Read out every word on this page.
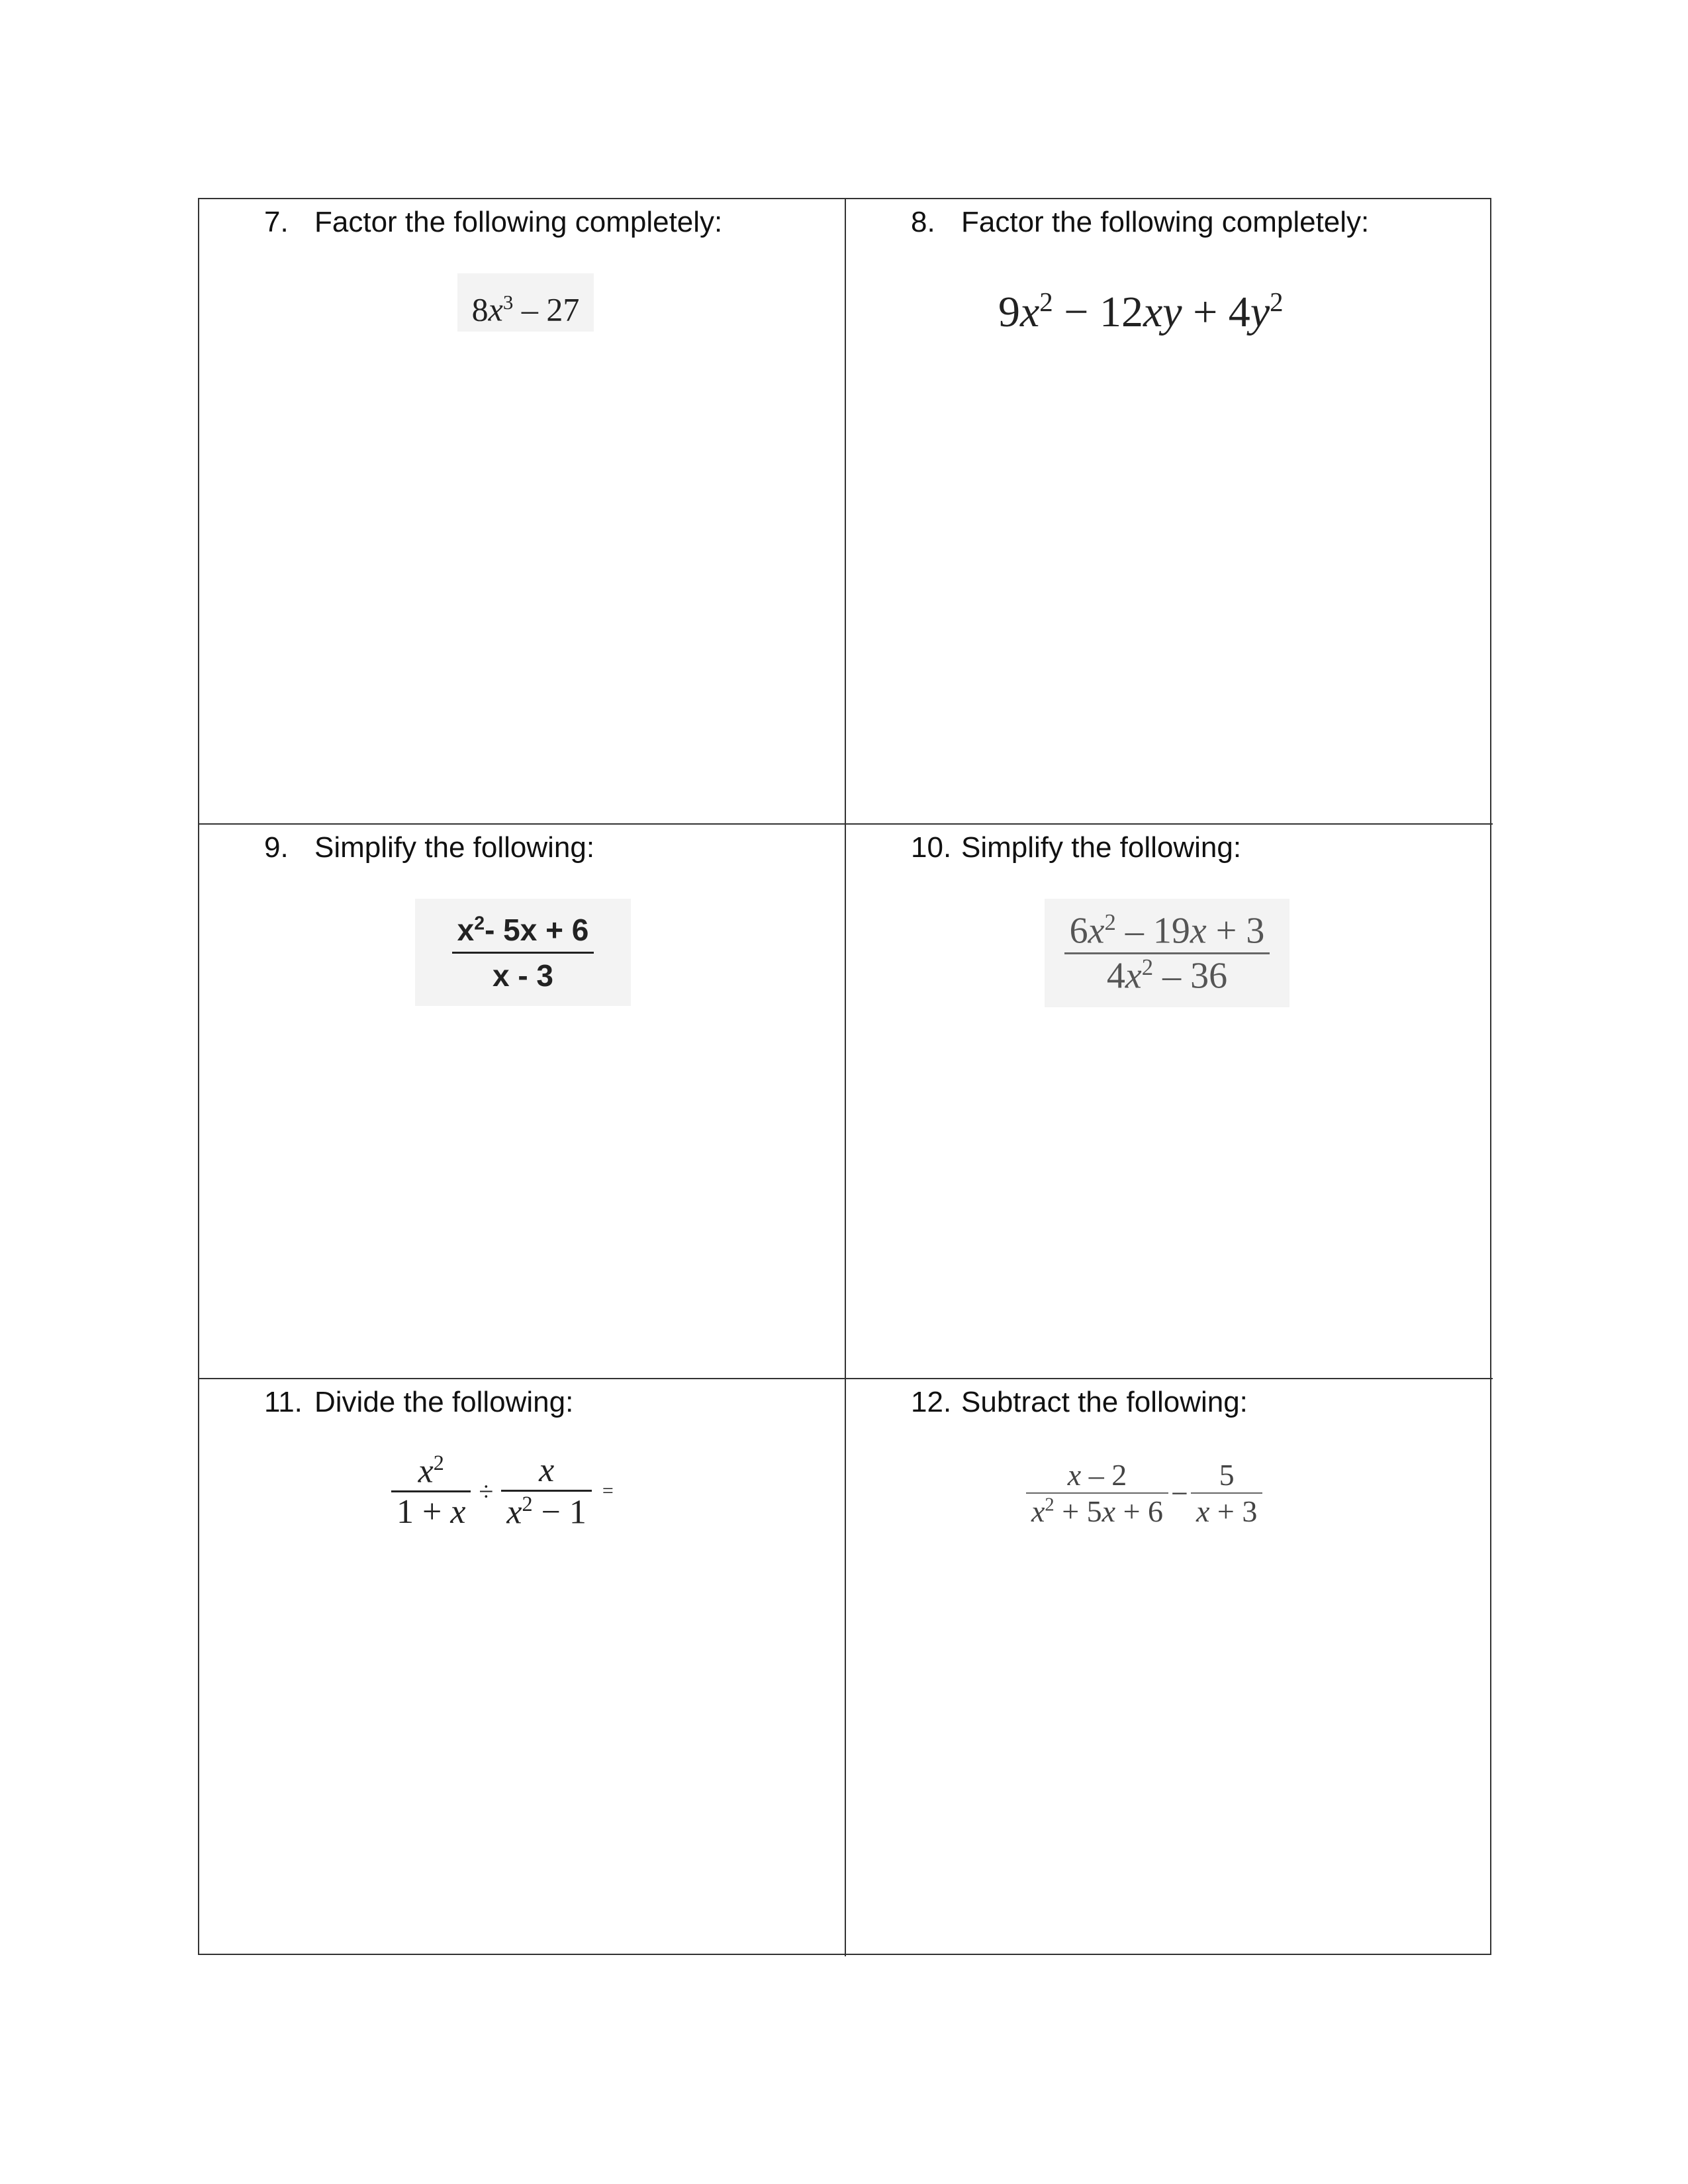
7. Factor the following completely:
$8x^3 - 27$
8. Factor the following completely:
$9x^2 - 12xy + 4y^2$
9. Simplify the following:
$\frac{x^2- 5x + 6}{x - 3}$
10. Simplify the following:
$\frac{6x^2 - 19x + 3}{4x^2 - 36}$
11. Divide the following:
$\frac{x^2}{1 + x} \div \frac{x}{x^2 - 1}$ =
12. Subtract the following:
$\frac{x - 2}{x^2 + 5x + 6} - \frac{5}{x + 3}$
